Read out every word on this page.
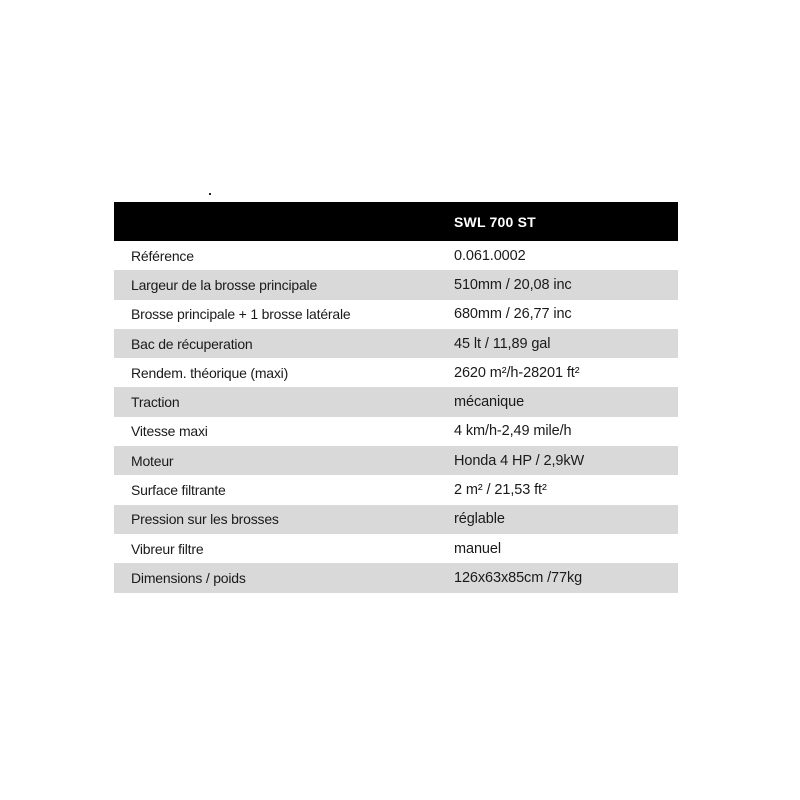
SWL 700 ST
Référence	0.061.0002
Largeur de la brosse principale	510mm / 20,08 inc
Brosse principale + 1 brosse latérale	680mm / 26,77 inc
Bac de récuperation	45 lt / 11,89 gal
Rendem. théorique (maxi)	2620 m²/h-28201 ft²
Traction	mécanique
Vitesse maxi	4 km/h-2,49 mile/h
Moteur	Honda 4 HP / 2,9kW
Surface filtrante	2 m² / 21,53 ft²
Pression sur les brosses	réglable
Vibreur filtre	manuel
Dimensions / poids	126x63x85cm /77kg
